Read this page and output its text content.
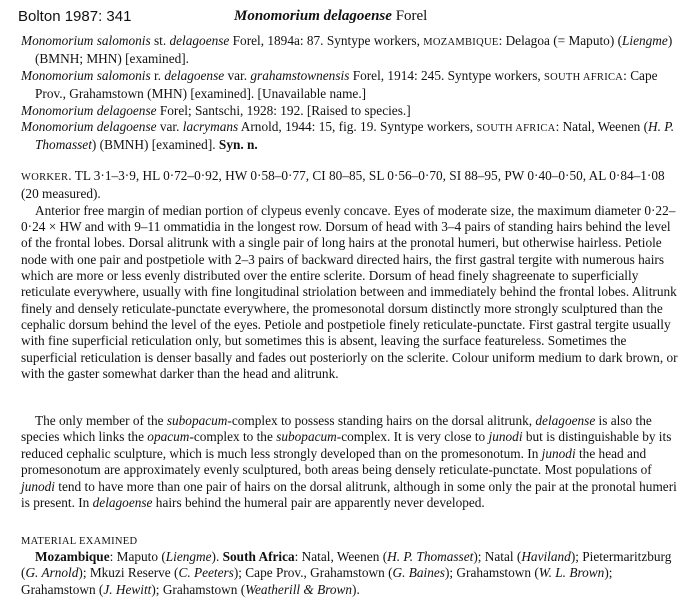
Bolton 1987: 341	Monomorium delagoense Forel

Monomorium salomonis st. delagoense Forel, 1894a: 87. Syntype workers, MOZAMBIQUE: Delagoa (= Maputo) (Liengme) (BMNH; MHN) [examined].

Monomorium salomonis r. delagoense var. grahamstownensis Forel, 1914: 245. Syntype workers, SOUTH AFRICA: Cape Prov., Grahamstown (MHN) [examined]. [Unavailable name.]

Monomorium delagoense Forel; Santschi, 1928: 192. [Raised to species.]

Monomorium delagoense var. lacrymans Arnold, 1944: 15, fig. 19. Syntype workers, SOUTH AFRICA: Natal, Weenen (H. P. Thomasset) (BMNH) [examined]. Syn. n.

WORKER. TL 3·1–3·9, HL 0·72–0·92, HW 0·58–0·77, CI 80–85, SL 0·56–0·70, SI 88–95, PW 0·40–0·50, AL 0·84–1·08 (20 measured).

Anterior free margin of median portion of clypeus evenly concave. Eyes of moderate size, the maximum diameter 0·22–0·24 × HW and with 9–11 ommatidia in the longest row. Dorsum of head with 3–4 pairs of standing hairs behind the level of the frontal lobes. Dorsal alitrunk with a single pair of long hairs at the pronotal humeri, but otherwise hairless. Petiole node with one pair and postpetiole with 2–3 pairs of backward directed hairs, the first gastral tergite with numerous hairs which are more or less evenly distributed over the entire sclerite. Dorsum of head finely shagreenate to superficially reticulate everywhere, usually with fine longitudinal striolation between and immediately behind the frontal lobes. Alitrunk finely and densely reticulate-punctate everywhere, the promesonotal dorsum distinctly more strongly sculptured than the cephalic dorsum behind the level of the eyes. Petiole and postpetiole finely reticulate-punctate. First gastral tergite usually with fine superficial reticulation only, but sometimes this is absent, leaving the surface featureless. Sometimes the superficial reticulation is denser basally and fades out posteriorly on the sclerite. Colour uniform medium to dark brown, or with the gaster somewhat darker than the head and alitrunk.

The only member of the subopacum-complex to possess standing hairs on the dorsal alitrunk, delagoense is also the species which links the opacum-complex to the subopacum-complex. It is very close to junodi but is distinguishable by its reduced cephalic sculpture, which is much less strongly developed than on the promesonotum. In junodi the head and promesonotum are approximately evenly sculptured, both areas being densely reticulate-punctate. Most populations of junodi tend to have more than one pair of hairs on the dorsal alitrunk, although in some only the pair at the pronotal humeri is present. In delagoense hairs behind the humeral pair are apparently never developed.

MATERIAL EXAMINED

Mozambique: Maputo (Liengme). South Africa: Natal, Weenen (H. P. Thomasset); Natal (Haviland); Pietermaritzburg (G. Arnold); Mkuzi Reserve (C. Peeters); Cape Prov., Grahamstown (G. Baines); Grahamstown (W. L. Brown); Grahamstown (J. Hewitt); Grahamstown (Weatherill & Brown).
